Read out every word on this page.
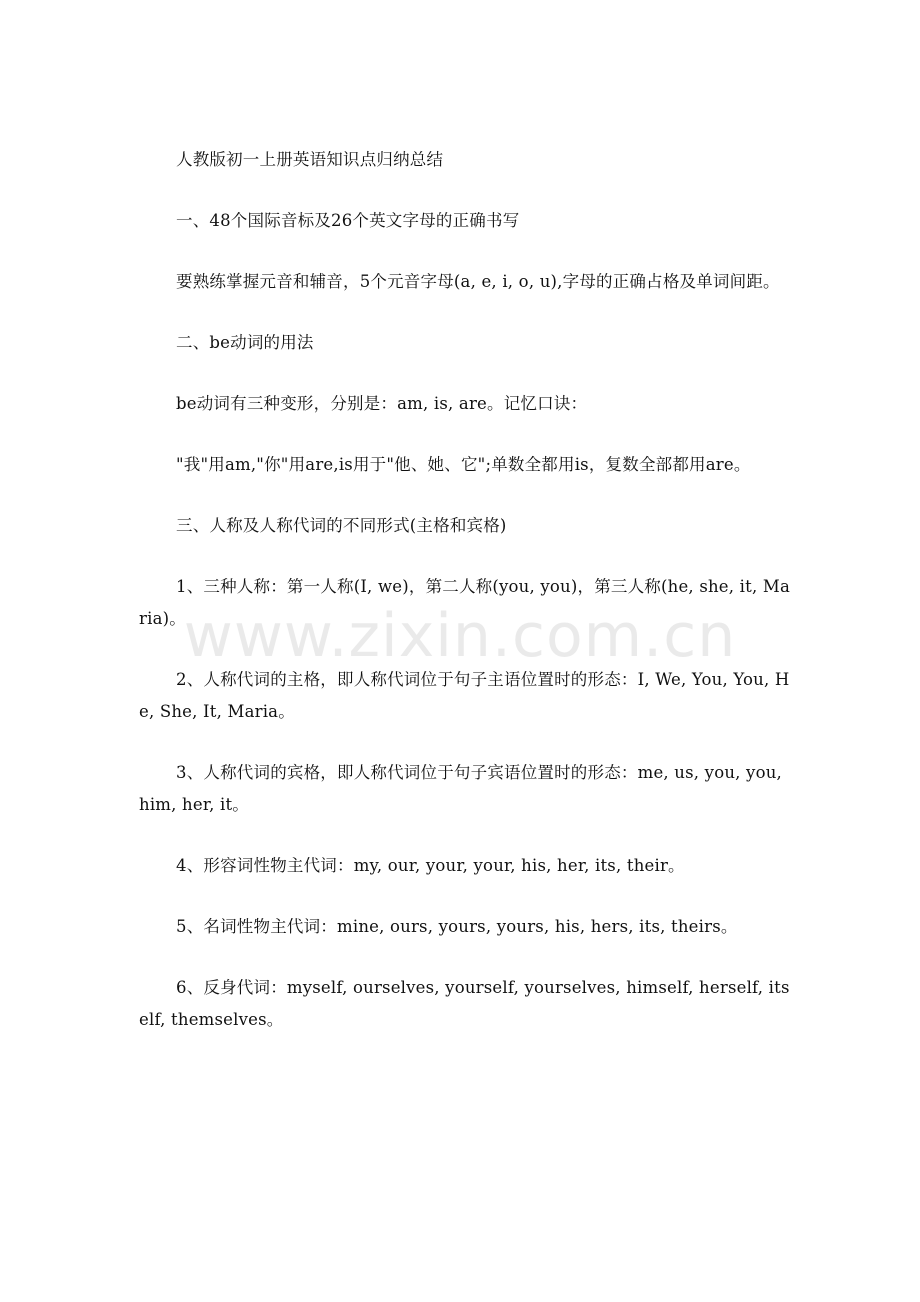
人教版初一上册英语知识点归纳总结

一、48个国际音标及26个英文字母的正确书写

要熟练掌握元音和辅音，5个元音字母(a, e, i, o, u),字母的正确占格及单词间距。

二、be动词的用法

be动词有三种变形，分别是：am, is, are。记忆口诀：

"我"用am,"你"用are,is用于"他、她、它";单数全都用is，复数全部都用are。

三、人称及人称代词的不同形式(主格和宾格)

1、三种人称：第一人称(I, we)，第二人称(you, you)，第三人称(he, she, it, Maria)。

2、人称代词的主格，即人称代词位于句子主语位置时的形态：I, We, You, You, He, She, It, Maria。

3、人称代词的宾格，即人称代词位于句子宾语位置时的形态：me, us, you, you, him, her, it。

4、形容词性物主代词：my, our, your, your, his, her, its, their。

5、名词性物主代词：mine, ours, yours, yours, his, hers, its, theirs。

6、反身代词：myself, ourselves, yourself, yourselves, himself, herself, itself, themselves。

www.zixin.com.cn
